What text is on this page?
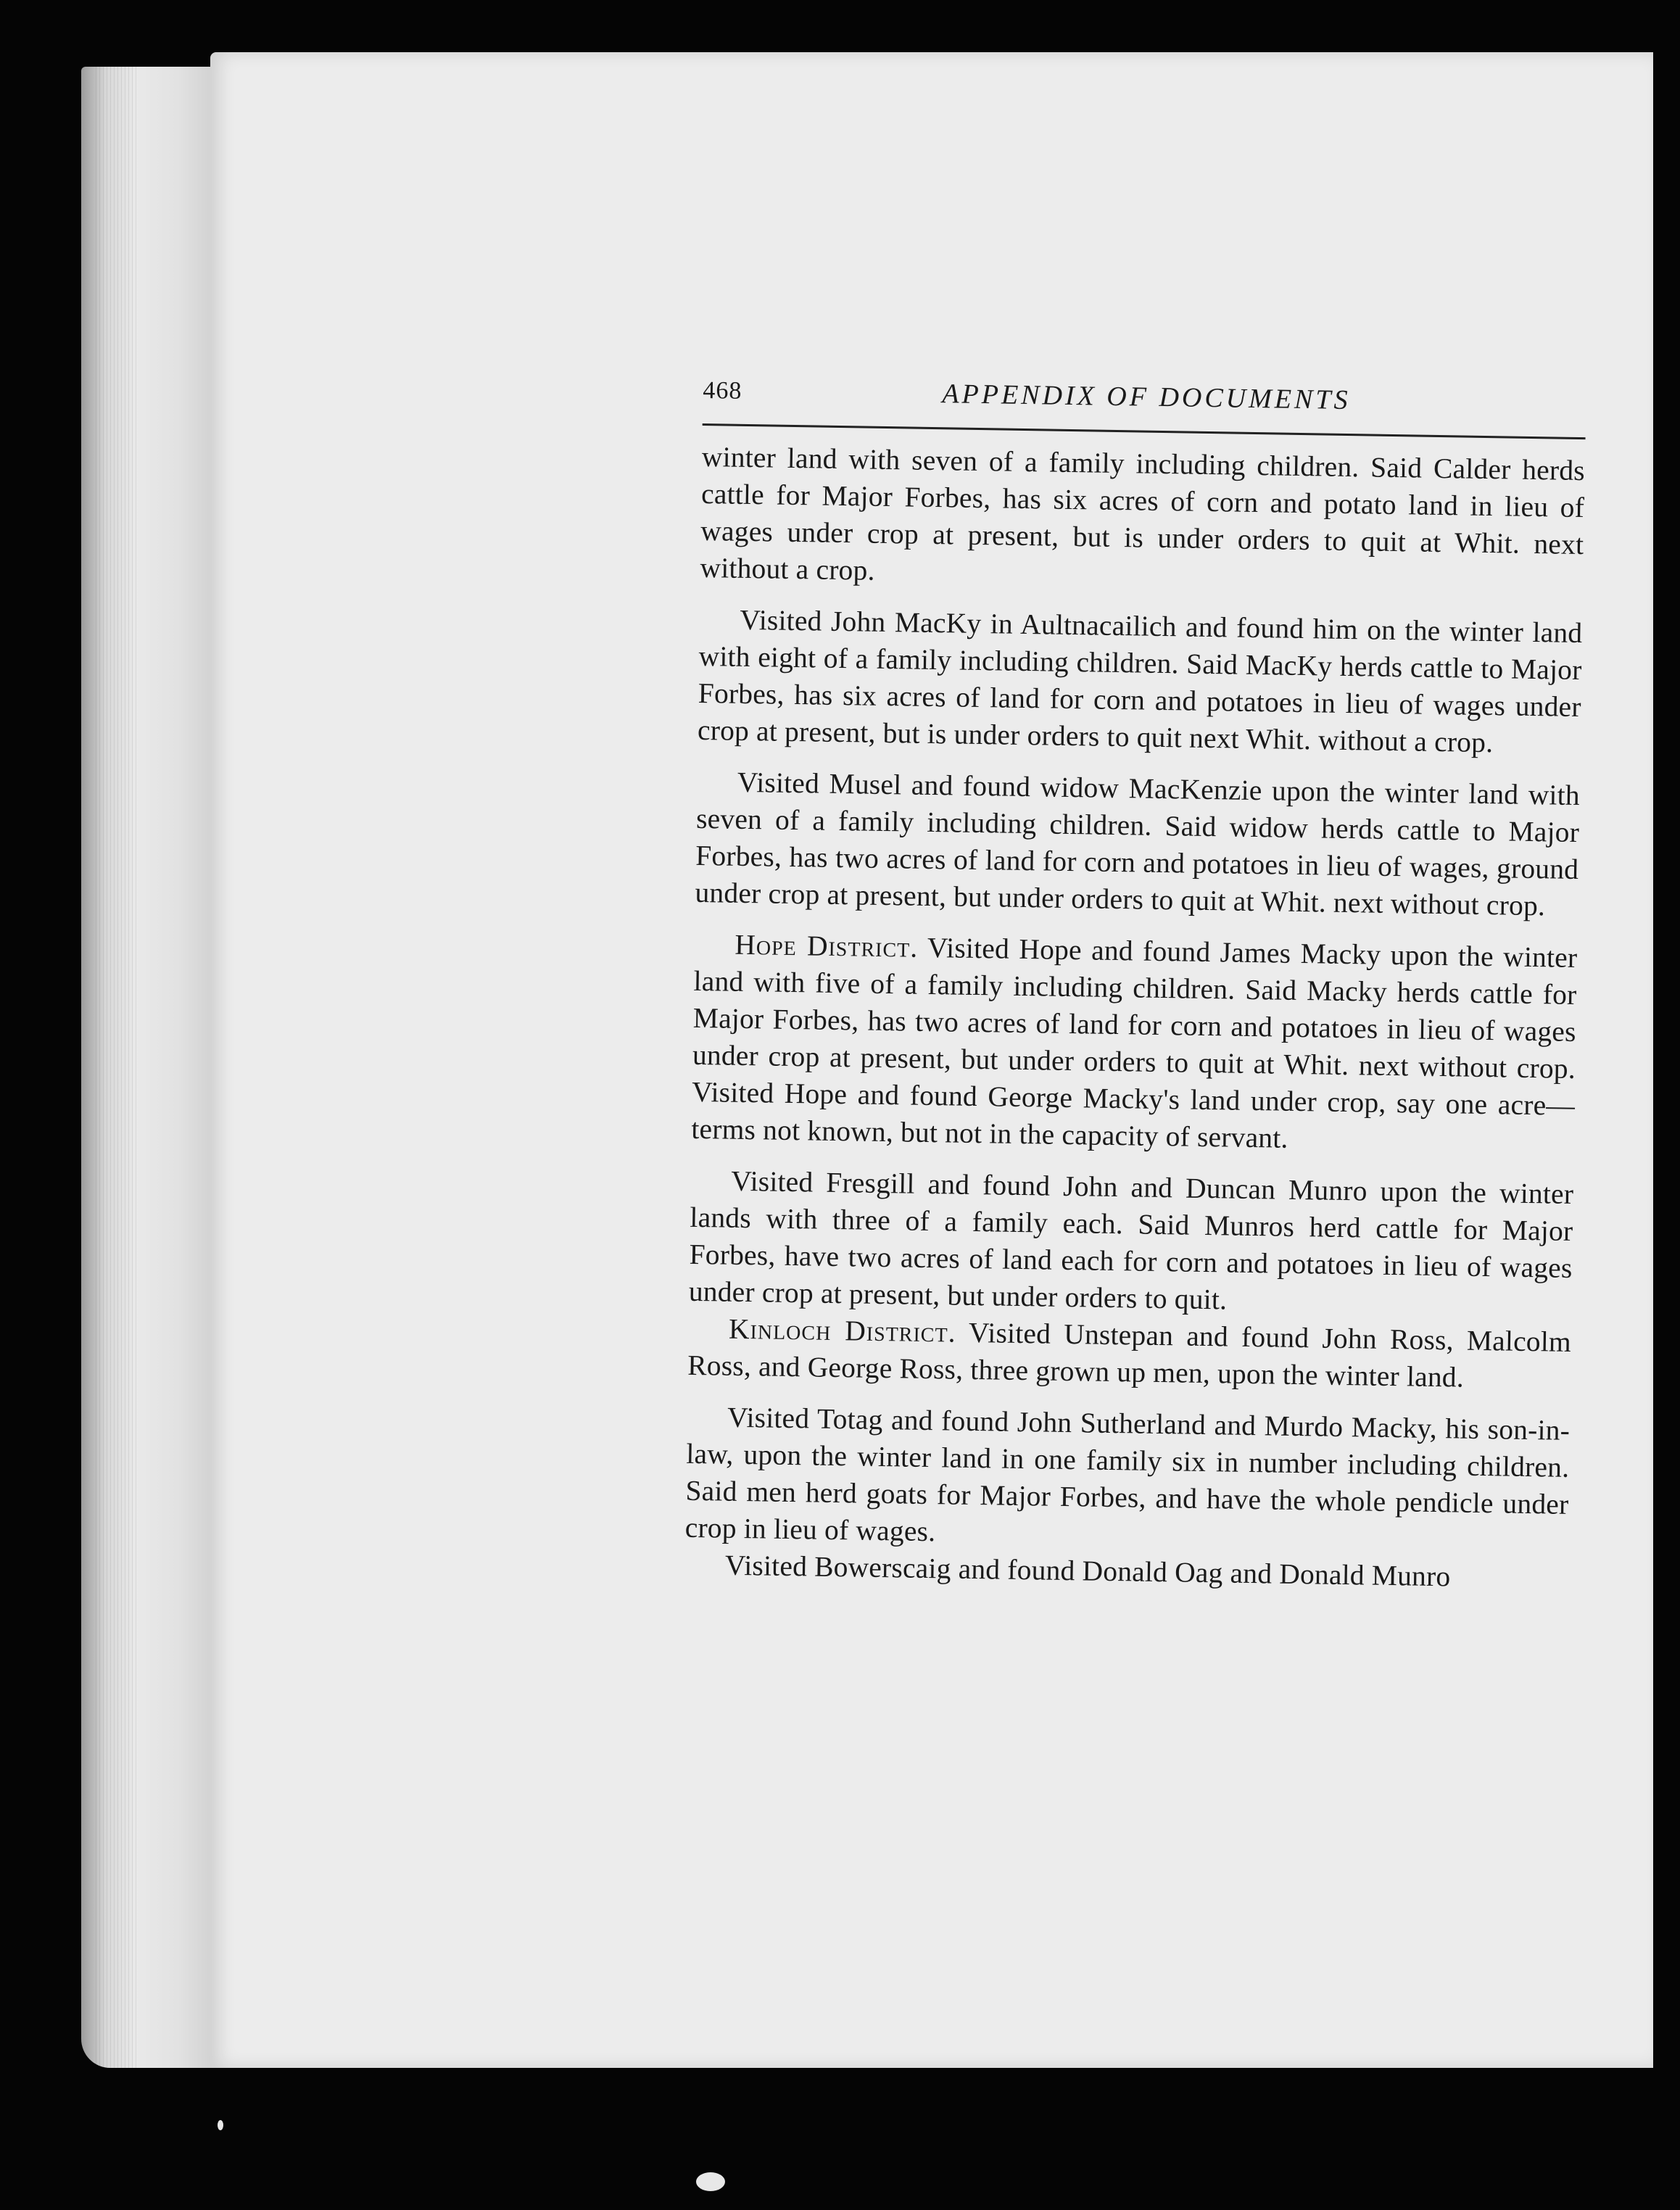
468	APPENDIX OF DOCUMENTS

winter land with seven of a family including children. Said Calder herds cattle for Major Forbes, has six acres of corn and potato land in lieu of wages under crop at present, but is under orders to quit at Whit. next without a crop.

Visited John MacKy in Aultnacailich and found him on the winter land with eight of a family including children. Said MacKy herds cattle to Major Forbes, has six acres of land for corn and potatoes in lieu of wages under crop at present, but is under orders to quit next Whit. without a crop.

Visited Musel and found widow MacKenzie upon the winter land with seven of a family including children. Said widow herds cattle to Major Forbes, has two acres of land for corn and potatoes in lieu of wages, ground under crop at present, but under orders to quit at Whit. next without crop.

Hope District. Visited Hope and found James Macky upon the winter land with five of a family including children. Said Macky herds cattle for Major Forbes, has two acres of land for corn and potatoes in lieu of wages under crop at present, but under orders to quit at Whit. next without crop. Visited Hope and found George Macky's land under crop, say one acre—terms not known, but not in the capacity of servant.

Visited Fresgill and found John and Duncan Munro upon the winter lands with three of a family each. Said Munros herd cattle for Major Forbes, have two acres of land each for corn and potatoes in lieu of wages under crop at present, but under orders to quit.

Kinloch District. Visited Unstepan and found John Ross, Malcolm Ross, and George Ross, three grown up men, upon the winter land.

Visited Totag and found John Sutherland and Murdo Macky, his son-in-law, upon the winter land in one family six in number including children. Said men herd goats for Major Forbes, and have the whole pendicle under crop in lieu of wages.

Visited Bowerscaig and found Donald Oag and Donald Munro
